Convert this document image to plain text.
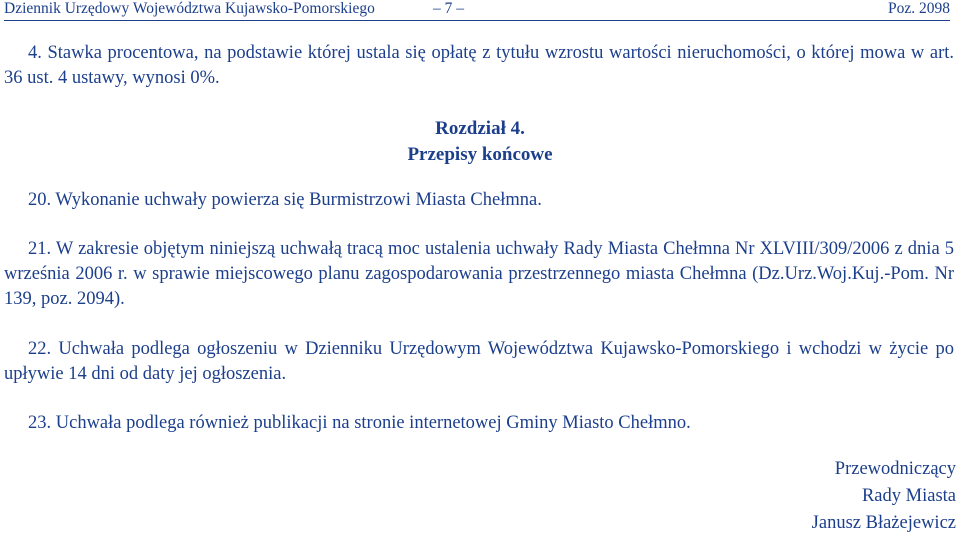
Dziennik Urzędowy Województwa Kujawsko-Pomorskiego	– 7 –	Poz. 2098

4. Stawka procentowa, na podstawie której ustala się opłatę z tytułu wzrostu wartości nieruchomości, o której mowa w art. 36 ust. 4 ustawy, wynosi 0%.

Rozdział 4.
Przepisy końcowe

20. Wykonanie uchwały powierza się Burmistrzowi Miasta Chełmna.

21. W zakresie objętym niniejszą uchwałą tracą moc ustalenia uchwały Rady Miasta Chełmna Nr XLVIII/309/2006 z dnia 5 września 2006 r. w sprawie miejscowego planu zagospodarowania przestrzennego miasta Chełmna (Dz.Urz.Woj.Kuj.-Pom. Nr 139, poz. 2094).

22. Uchwała podlega ogłoszeniu w Dzienniku Urzędowym Województwa Kujawsko-Pomorskiego i wchodzi w życie po upływie 14 dni od daty jej ogłoszenia.

23. Uchwała podlega również publikacji na stronie internetowej Gminy Miasto Chełmno.

Przewodniczący
Rady Miasta
Janusz Błażejewicz
